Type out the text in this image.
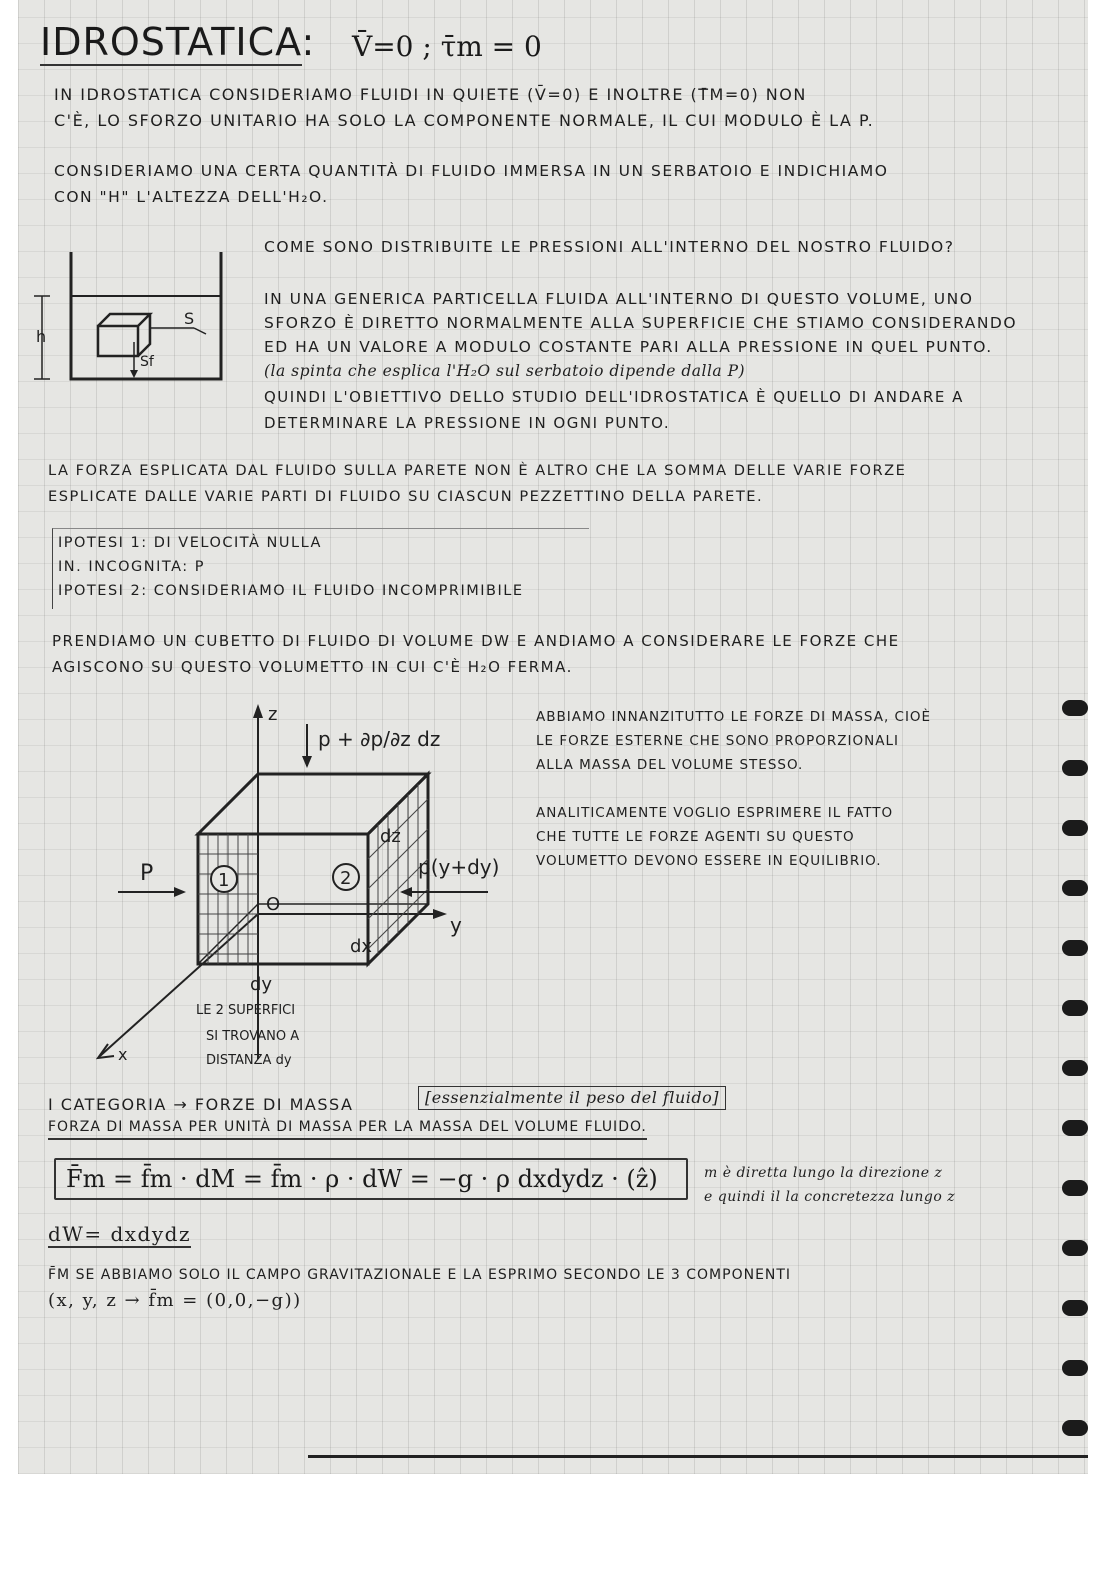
IDROSTATICA: V̄=0 ; τ̄m = 0
IN IDROSTATICA CONSIDERIAMO FLUIDI IN QUIETE (V̄=0) E INOLTRE (Τ̄M=0) NON
C'È, LO SFORZO UNITARIO HA SOLO LA COMPONENTE NORMALE, IL CUI MODULO È LA P.
CONSIDERIAMO UNA CERTA QUANTITÀ DI FLUIDO IMMERSA IN UN SERBATOIO E INDICHIAMO
CON "H" L'ALTEZZA DELL'H₂O.
h
S
Sf
COME SONO DISTRIBUITE LE PRESSIONI ALL'INTERNO DEL NOSTRO FLUIDO?
IN UNA GENERICA PARTICELLA FLUIDA ALL'INTERNO DI QUESTO VOLUME, UNO
SFORZO È DIRETTO NORMALMENTE ALLA SUPERFICIE CHE STIAMO CONSIDERANDO
ED HA UN VALORE A MODULO COSTANTE PARI ALLA PRESSIONE IN QUEL PUNTO.
(la spinta che esplica l'H₂O sul serbatoio dipende dalla P)
QUINDI L'OBIETTIVO DELLO STUDIO DELL'IDROSTATICA È QUELLO DI ANDARE A
DETERMINARE LA PRESSIONE IN OGNI PUNTO.
LA FORZA ESPLICATA DAL FLUIDO SULLA PARETE NON È ALTRO CHE LA SOMMA DELLE VARIE FORZE
ESPLICATE DALLE VARIE PARTI DI FLUIDO SU CIASCUN PEZZETTINO DELLA PARETE.
IPOTESI 1: DI VELOCITÀ NULLA
IN. INCOGNITA: P
IPOTESI 2: CONSIDERIAMO IL FLUIDO INCOMPRIMIBILE
PRENDIAMO UN CUBETTO DI FLUIDO DI VOLUME DW E ANDIAMO A CONSIDERARE LE FORZE CHE
AGISCONO SU QUESTO VOLUMETTO IN CUI C'È H₂O FERMA.
z
y
x
O
1	2
p + ∂p/∂z dz
P	p(y+dy)
dz
dx
dy
LE 2 SUPERFICI
SI TROVANO A
DISTANZA dy
ABBIAMO INNANZITUTTO LE FORZE DI MASSA, CIOÈ
LE FORZE ESTERNE CHE SONO PROPORZIONALI
ALLA MASSA DEL VOLUME STESSO.
ANALITICAMENTE VOGLIO ESPRIMERE IL FATTO
CHE TUTTE LE FORZE AGENTI SU QUESTO
VOLUMETTO DEVONO ESSERE IN EQUILIBRIO.
I CATEGORIA → FORZE DI MASSA	[essenzialmente il peso del fluido]
FORZA DI MASSA PER UNITÀ DI MASSA PER LA MASSA DEL VOLUME FLUIDO.
F̄m = f̄m · dM = f̄m · ρ · dW = −g · ρ dxdydz · (ẑ)	m è diretta lungo la direzione z
e quindi il la concretezza lungo z
dW= dxdydz
F̄M SE ABBIAMO SOLO IL CAMPO GRAVITAZIONALE E LA ESPRIMO SECONDO LE 3 COMPONENTI
(x, y, z → f̄m = (0,0,−g))
